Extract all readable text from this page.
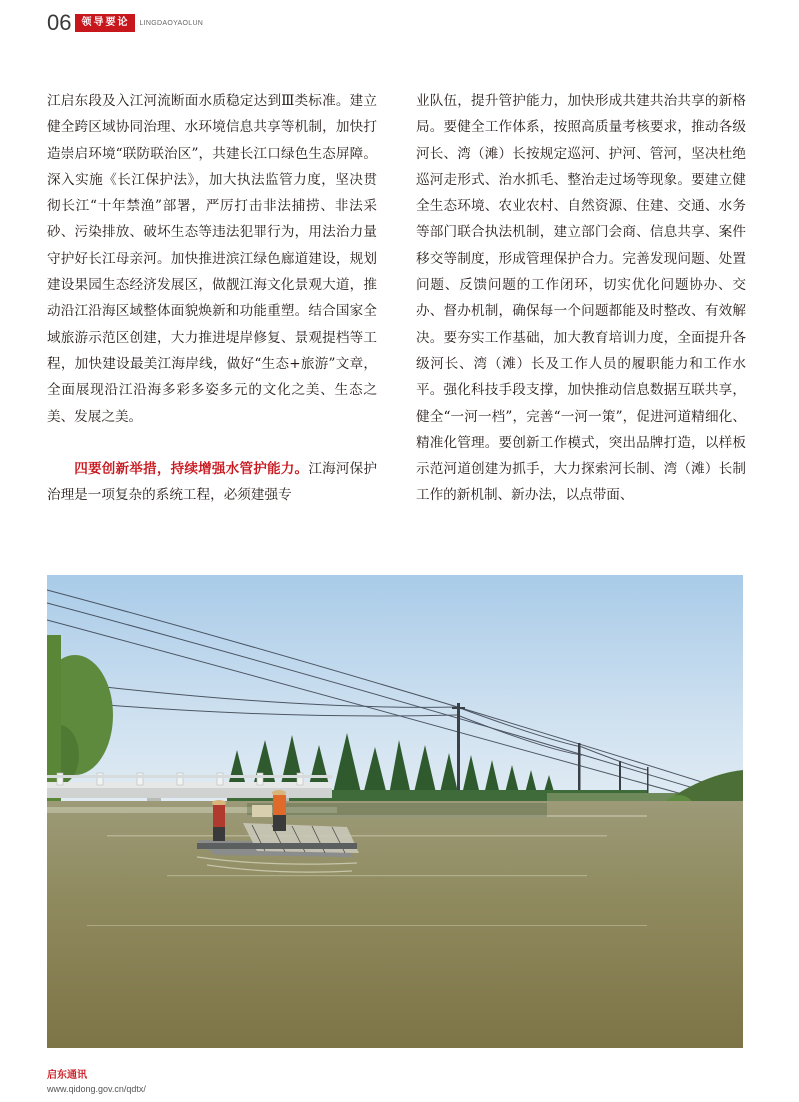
06	领导要论	LINGDAOYAOLUN

江启东段及入江河流断面水质稳定达到Ⅲ类标准。建立健全跨区域协同治理、水环境信息共享等机制，加快打造崇启环境“联防联治区”，共建长江口绿色生态屏障。深入实施《长江保护法》，加大执法监管力度，坚决贯彻长江“十年禁渔”部署，严厉打击非法捕捞、非法采砂、污染排放、破坏生态等违法犯罪行为，用法治力量守护好长江母亲河。加快推进滨江绿色廊道建设，规划建设果园生态经济发展区，做靓江海文化景观大道，推动沿江沿海区域整体面貌焕新和功能重塑。结合国家全域旅游示范区创建，大力推进堤岸修复、景观提档等工程，加快建设最美江海岸线，做好“生态+旅游”文章，全面展现沿江沿海多彩多姿多元的文化之美、生态之美、发展之美。

四要创新举措，持续增强水管护能力。江海河保护治理是一项复杂的系统工程，必须建强专

业队伍，提升管护能力，加快形成共建共治共享的新格局。要健全工作体系，按照高质量考核要求，推动各级河长、湾（滩）长按规定巡河、护河、管河，坚决杜绝巡河走形式、治水抓毛、整治走过场等现象。要建立健全生态环境、农业农村、自然资源、住建、交通、水务等部门联合执法机制，建立部门会商、信息共享、案件移交等制度，形成管理保护合力。完善发现问题、处置问题、反馈问题的工作闭环，切实优化问题协办、交办、督办机制，确保每一个问题都能及时整改、有效解决。要夯实工作基础，加大教育培训力度，全面提升各级河长、湾（滩）长及工作人员的履职能力和工作水平。强化科技手段支撑，加快推动信息数据互联共享，健全“一河一档”，完善“一河一策”，促进河道精细化、精准化管理。要创新工作模式，突出品牌打造，以样板示范河道创建为抓手，大力探索河长制、湾（滩）长制工作的新机制、新办法，以点带面、

启东通讯
www.qidong.gov.cn/qdtx/
